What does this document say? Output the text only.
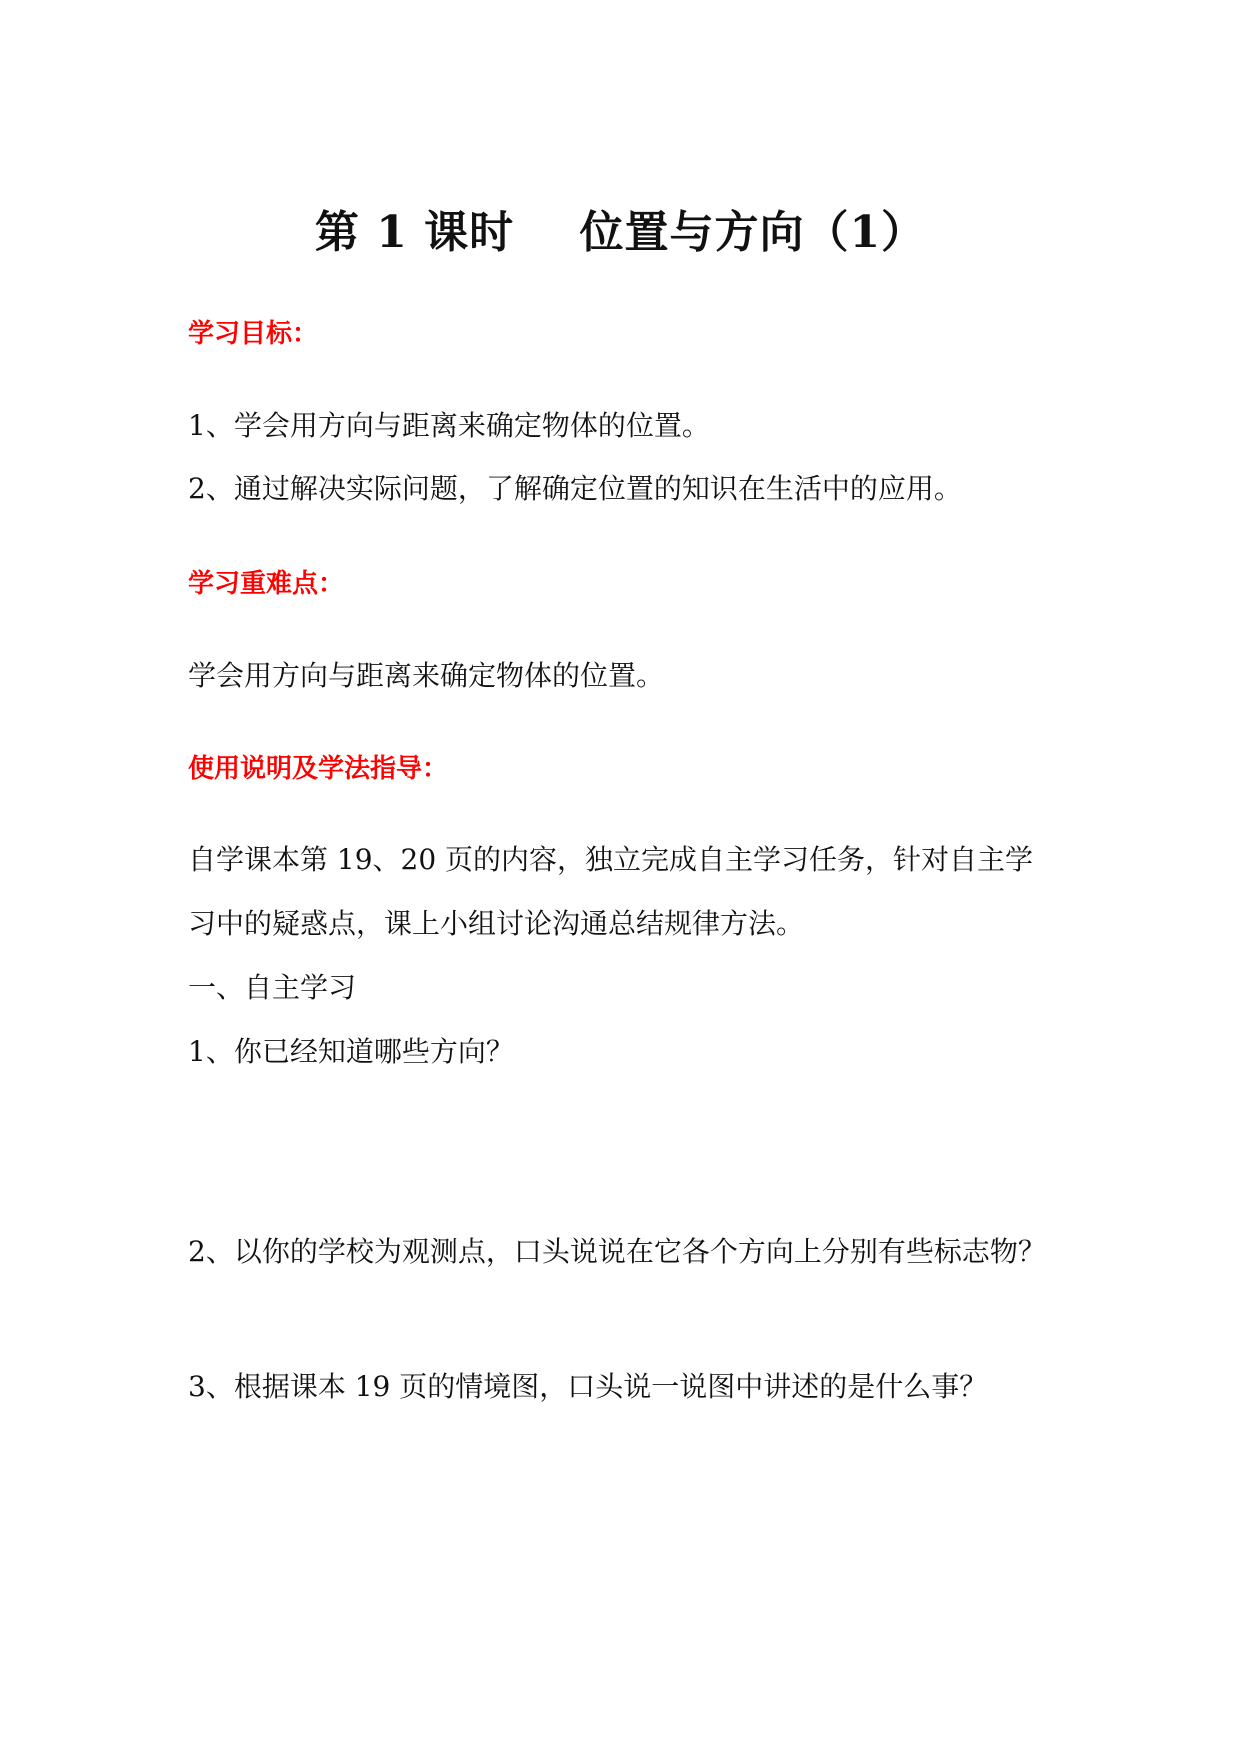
第 1 课时    位置与方向（1）
学习目标：
1、学会用方向与距离来确定物体的位置。
2、通过解决实际问题，了解确定位置的知识在生活中的应用。
学习重难点：
学会用方向与距离来确定物体的位置。
使用说明及学法指导：
自学课本第 19、20 页的内容，独立完成自主学习任务，针对自主学
习中的疑惑点，课上小组讨论沟通总结规律方法。
一、自主学习
1、你已经知道哪些方向？
2、以你的学校为观测点，口头说说在它各个方向上分别有些标志物？
3、根据课本 19 页的情境图，口头说一说图中讲述的是什么事？
